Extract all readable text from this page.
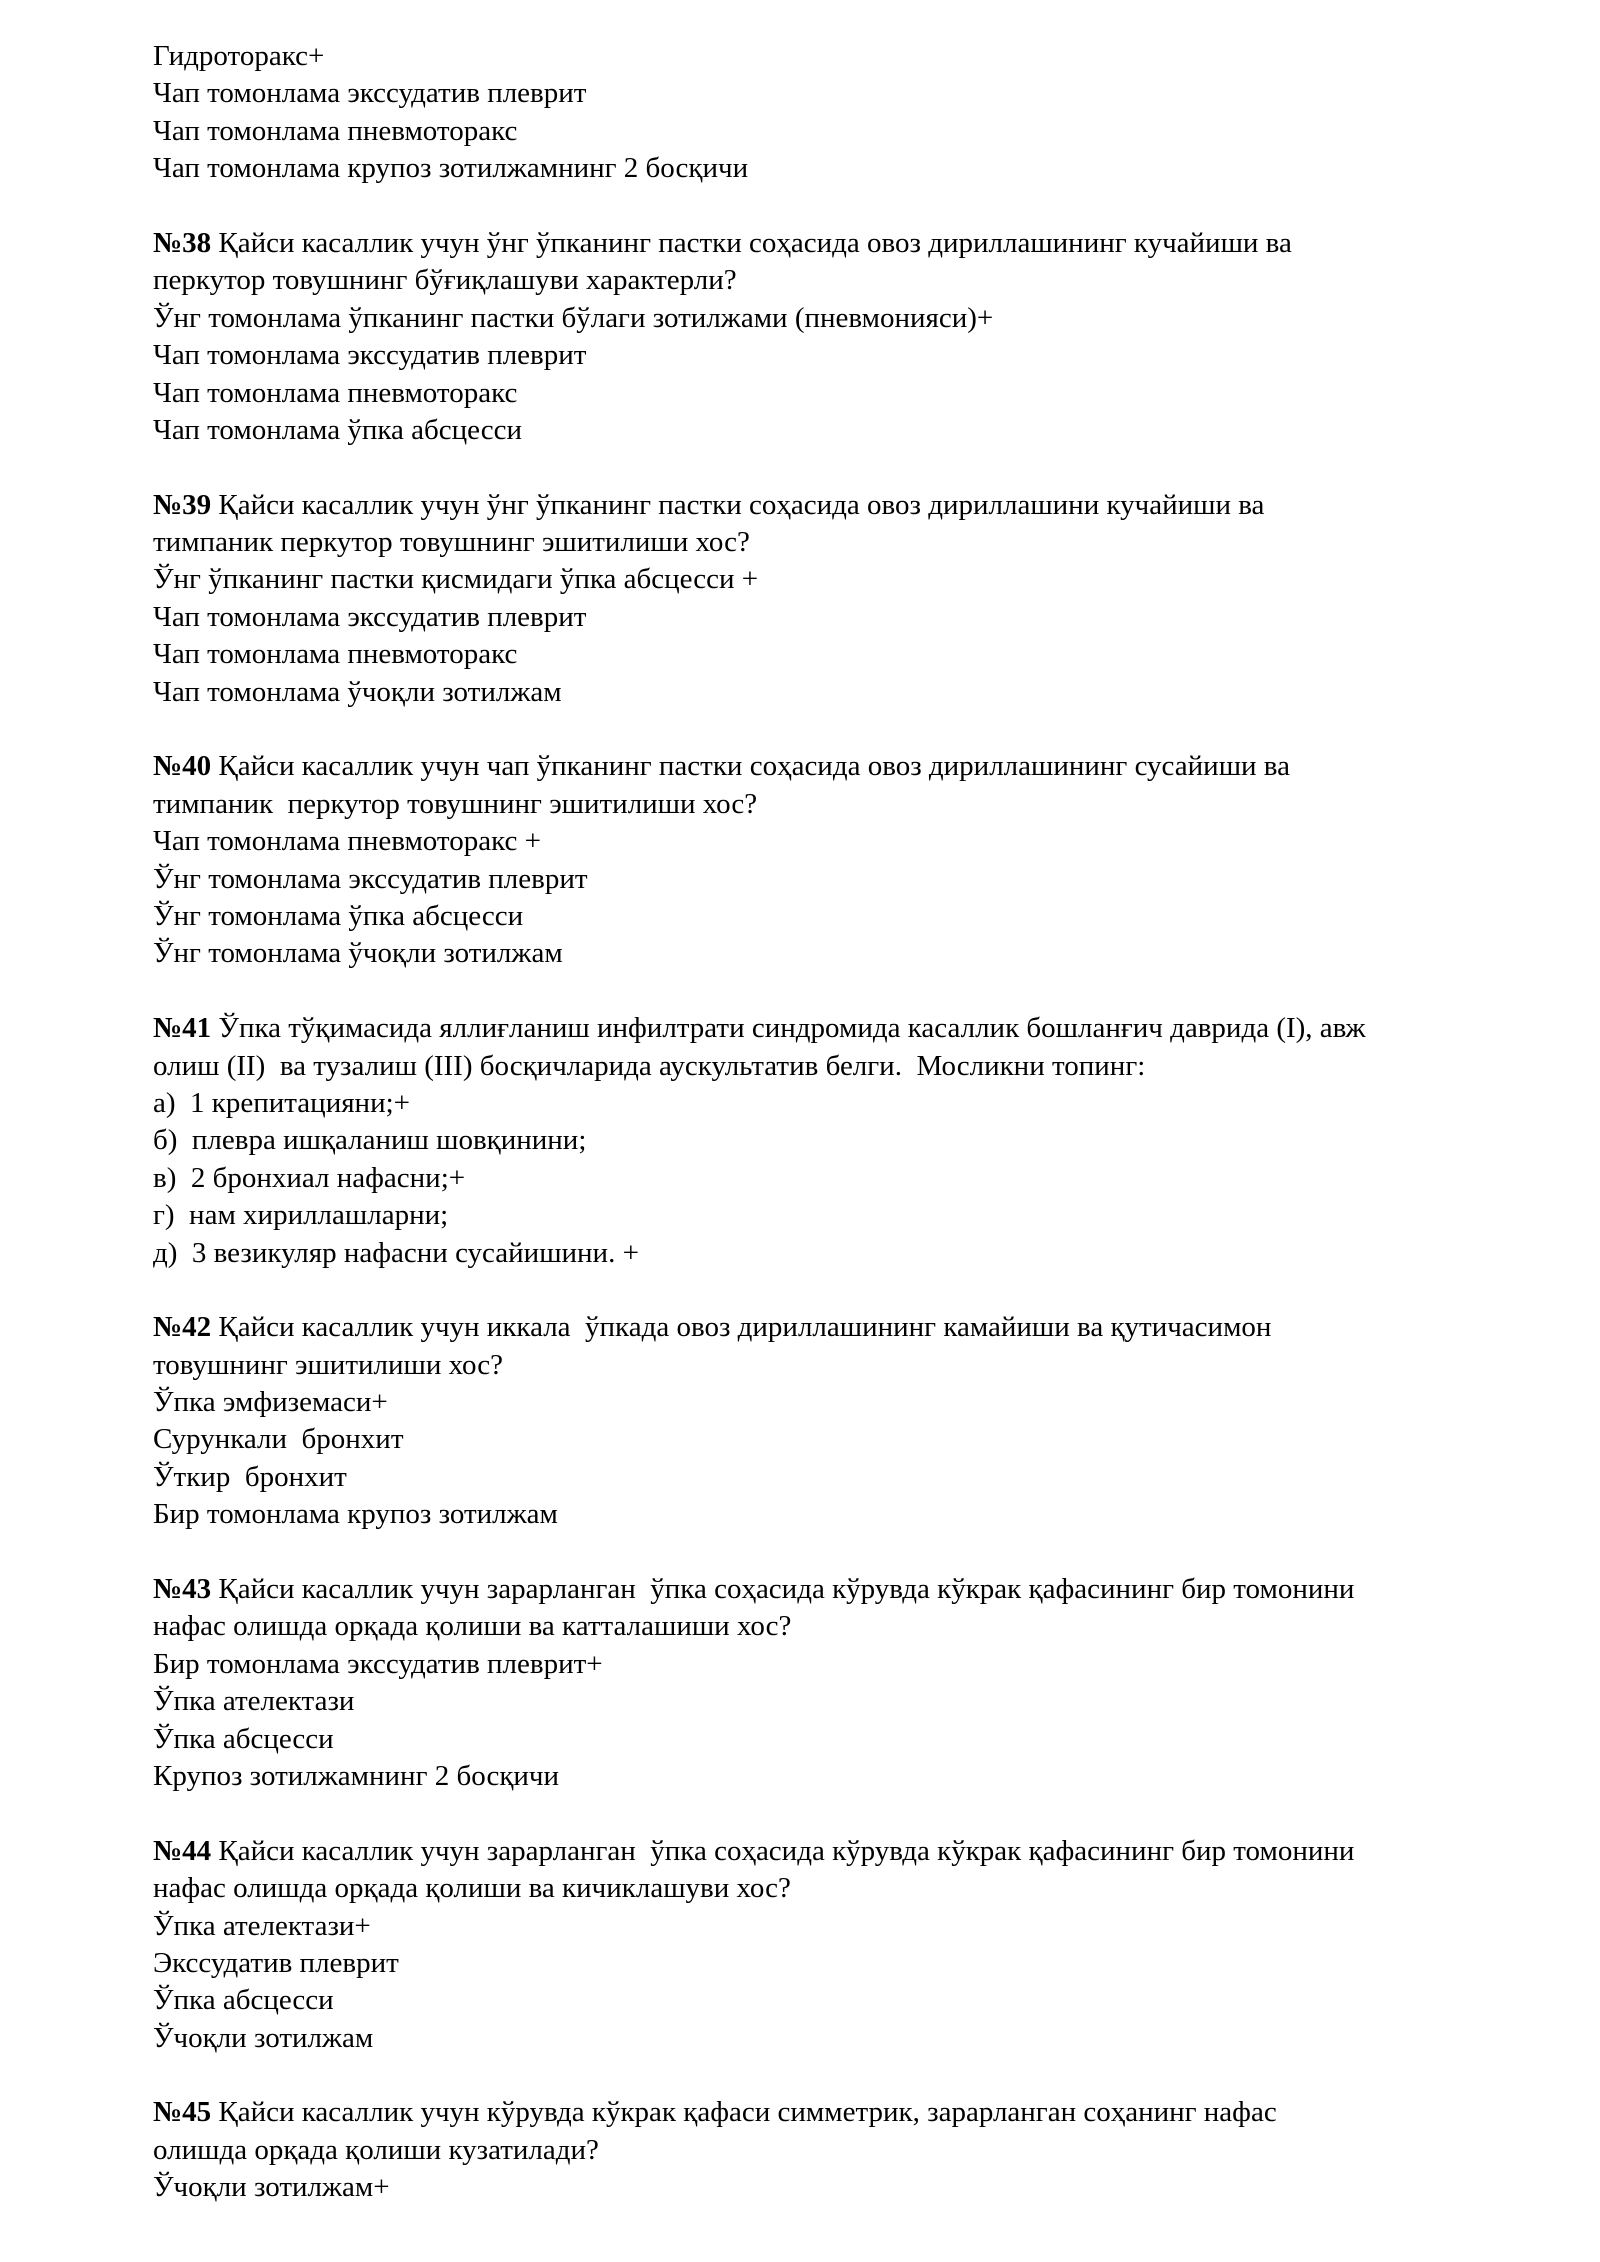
Гидроторакс+
Чап томонлама экссудатив плеврит
Чап томонлама пневмоторакс
Чап томонлама крупоз зотилжамнинг 2 босқичи
№38 Қайси касаллик учун ўнг ўпканинг пастки соҳасида овоз дириллашининг кучайиши ва
перкутор товушнинг бўғиқлашуви характерли?
Ўнг томонлама ўпканинг пастки бўлаги зотилжами (пневмонияси)+
Чап томонлама экссудатив плеврит
Чап томонлама пневмоторакс
Чап томонлама ўпка абсцесси
№39 Қайси касаллик учун ўнг ўпканинг пастки соҳасида овоз дириллашини кучайиши ва
тимпаник перкутор товушнинг эшитилиши хос?
Ўнг ўпканинг пастки қисмидаги ўпка абсцесси +
Чап томонлама экссудатив плеврит
Чап томонлама пневмоторакс
Чап томонлама ўчоқли зотилжам
№40 Қайси касаллик учун чап ўпканинг пастки соҳасида овоз дириллашининг сусайиши ва
тимпаник  перкутор товушнинг эшитилиши хос?
Чап томонлама пневмоторакс +
Ўнг томонлама экссудатив плеврит
Ўнг томонлама ўпка абсцесси
Ўнг томонлама ўчоқли зотилжам
№41 Ўпка тўқимасида яллиғланиш инфилтрати синдромида касаллик бошланғич даврида (I), авж
олиш (II)  ва тузалиш (III) босқичларида аускультатив белги.  Мосликни топинг:
а)  1 крепитацияни;+
б)  плевра ишқаланиш шовқинини;
в)  2 бронхиал нафасни;+
г)  нам хириллашларни;
д)  3 везикуляр нафасни сусайишини. +
№42 Қайси касаллик учун иккала  ўпкада овоз дириллашининг камайиши ва қутичасимон
товушнинг эшитилиши хос?
Ўпка эмфиземаси+
Сурункали  бронхит
Ўткир  бронхит
Бир томонлама крупоз зотилжам
№43 Қайси касаллик учун зарарланган  ўпка соҳасида кўрувда кўкрак қафасининг бир томонини
нафас олишда орқада қолиши ва катталашиши хос?
Бир томонлама экссудатив плеврит+
Ўпка ателектази
Ўпка абсцесси
Крупоз зотилжамнинг 2 босқичи
№44 Қайси касаллик учун зарарланган  ўпка соҳасида кўрувда кўкрак қафасининг бир томонини
нафас олишда орқада қолиши ва кичиклашуви хос?
Ўпка ателектази+
Экссудатив плеврит
Ўпка абсцесси
Ўчоқли зотилжам
№45 Қайси касаллик учун кўрувда кўкрак қафаси симметрик, зарарланган соҳанинг нафас
олишда орқада қолиши кузатилади?
Ўчоқли зотилжам+
